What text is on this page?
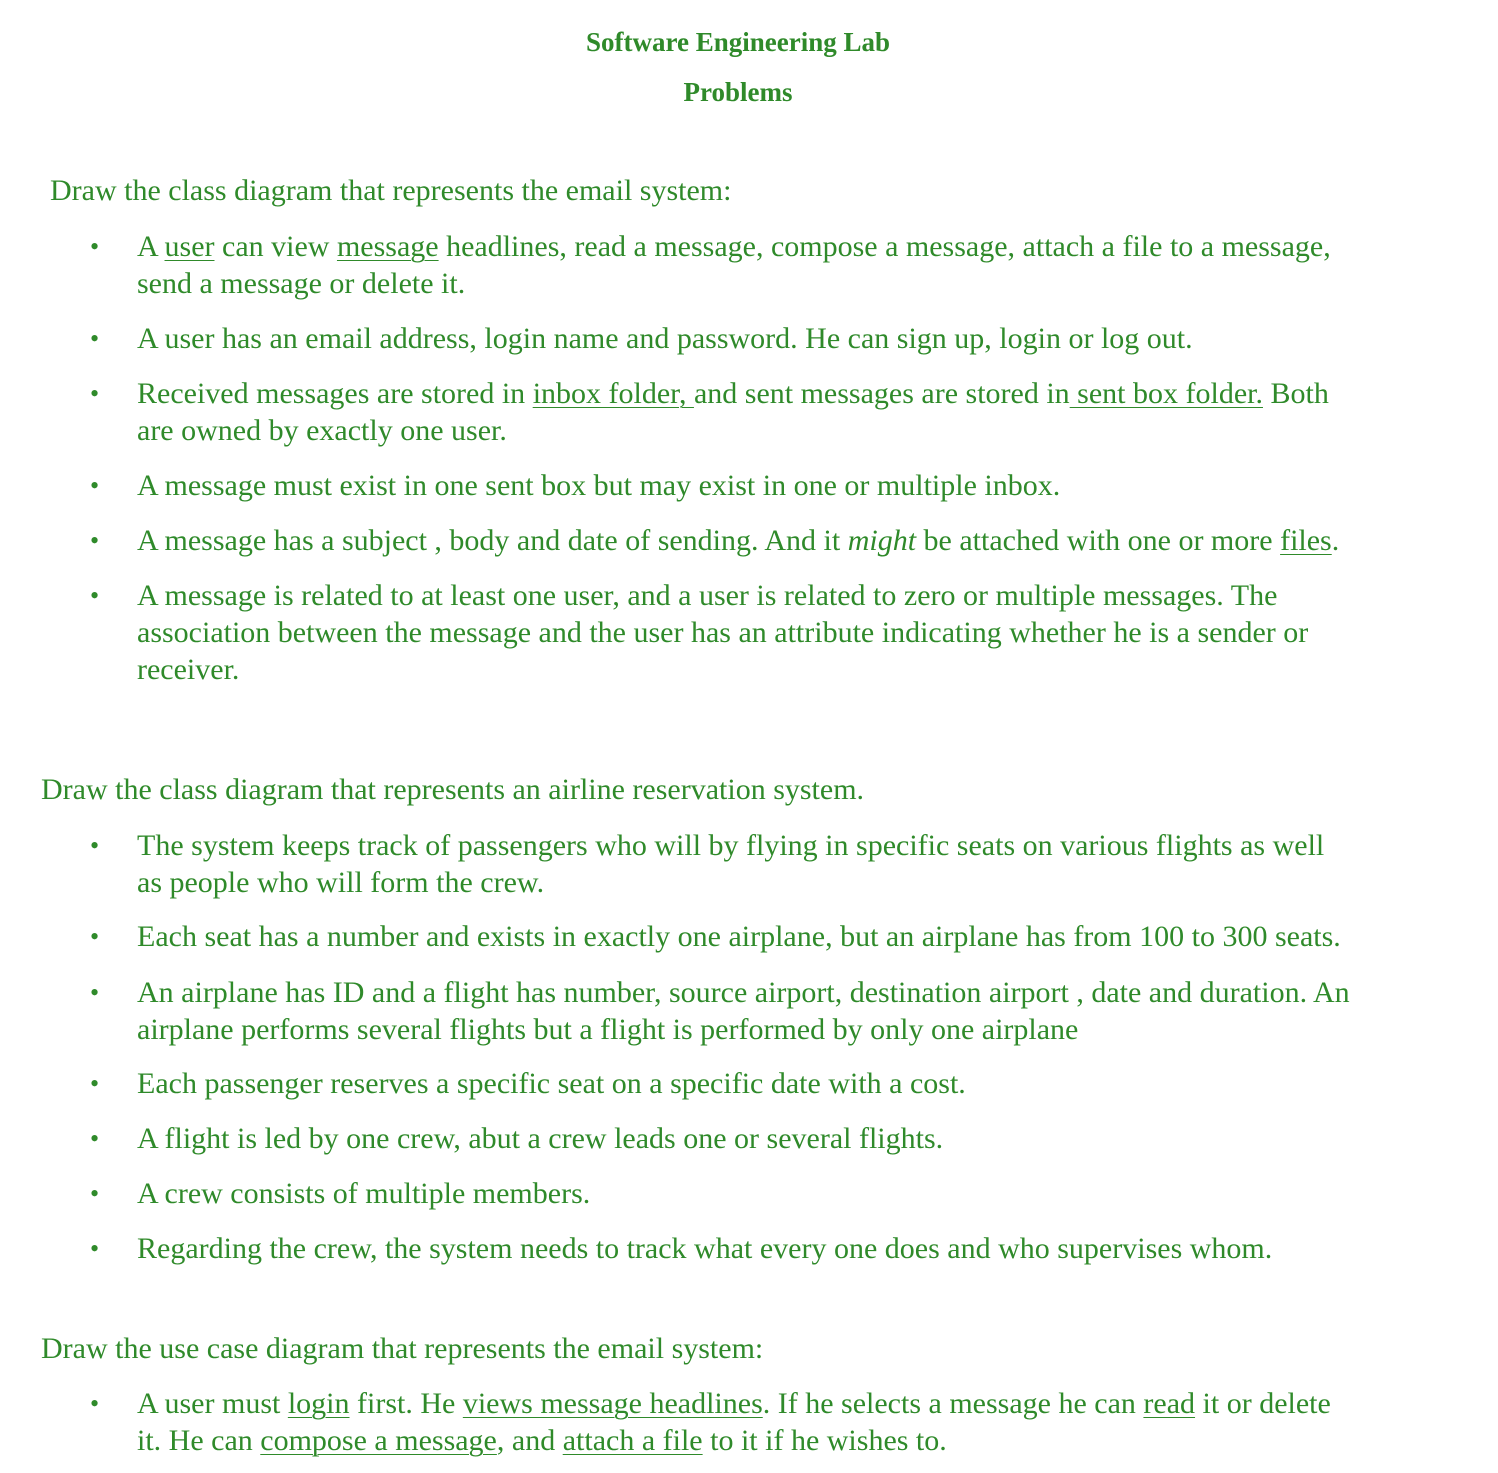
Software Engineering Lab
Problems
Draw the class diagram that represents the email system:
• A user can view message headlines, read a message, compose a message, attach a file to a message,
send a message or delete it.
• A user has an email address, login name and password. He can sign up, login or log out.
• Received messages are stored in inbox folder, and sent messages are stored in sent box folder. Both
are owned by exactly one user.
• A message must exist in one sent box but may exist in one or multiple inbox.
• A message has a subject , body and date of sending. And it might be attached with one or more files.
• A message is related to at least one user, and a user is related to zero or multiple messages. The
association between the message and the user has an attribute indicating whether he is a sender or
receiver.
Draw the class diagram that represents an airline reservation system.
• The system keeps track of passengers who will by flying in specific seats on various flights as well
as people who will form the crew.
• Each seat has a number and exists in exactly one airplane, but an airplane has from 100 to 300 seats.
• An airplane has ID and a flight has number, source airport, destination airport , date and duration. An
airplane performs several flights but a flight is performed by only one airplane
• Each passenger reserves a specific seat on a specific date with a cost.
• A flight is led by one crew, abut a crew leads one or several flights.
• A crew consists of multiple members.
• Regarding the crew, the system needs to track what every one does and who supervises whom.
Draw the use case diagram that represents the email system:
• A user must login first. He views message headlines. If he selects a message he can read it or delete
it. He can compose a message, and attach a file to it if he wishes to.
